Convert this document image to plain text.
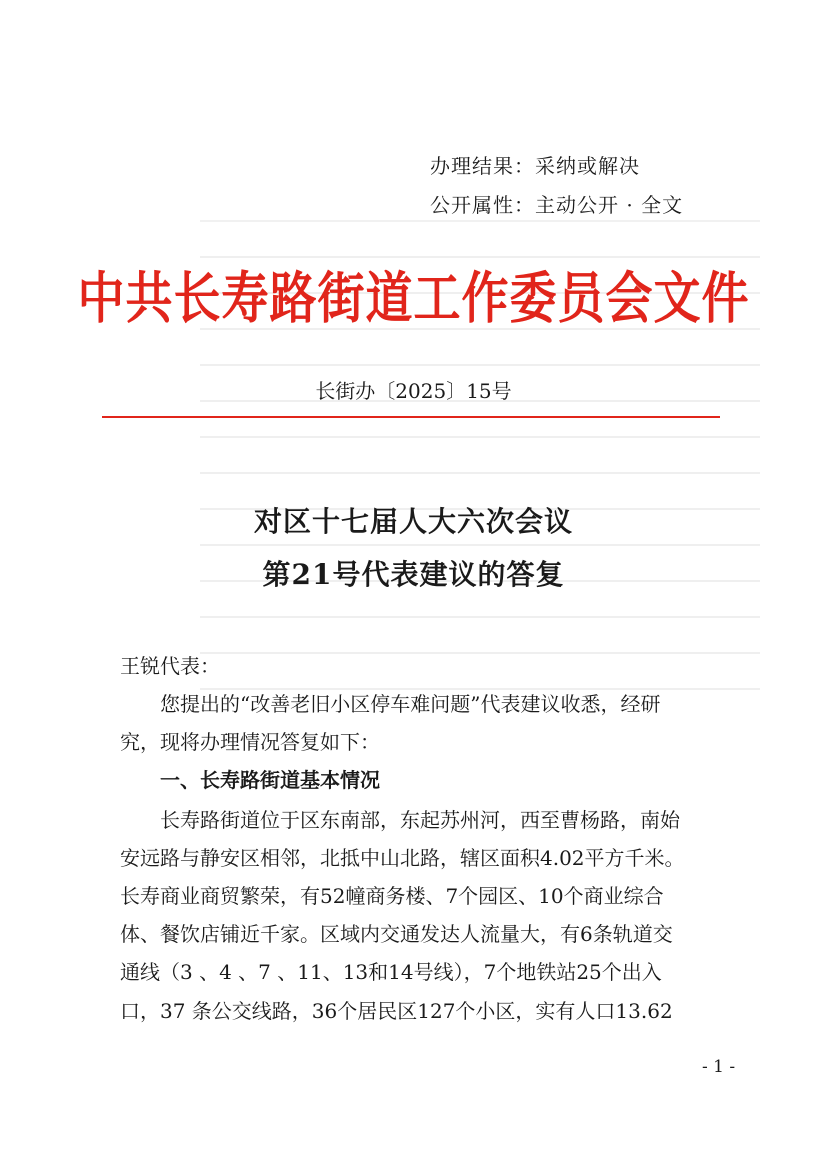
办理结果：采纳或解决
公开属性：主动公开 · 全文
中共长寿路街道工作委员会文件
长街办〔2025〕15号
对区十七届人大六次会议
第21号代表建议的答复
王锐代表：
您提出的“改善老旧小区停车难问题”代表建议收悉，经研
究，现将办理情况答复如下：
一、长寿路街道基本情况
长寿路街道位于区东南部，东起苏州河，西至曹杨路，南始
安远路与静安区相邻，北抵中山北路，辖区面积4.02平方千米。
长寿商业商贸繁荣，有52幢商务楼、7个园区、10个商业综合
体、餐饮店铺近千家。区域内交通发达人流量大，有6条轨道交
通线（3 、4 、7 、11、13和14号线），7个地铁站25个出入
口，37 条公交线路，36个居民区127个小区，实有人口13.62
- 1 -
